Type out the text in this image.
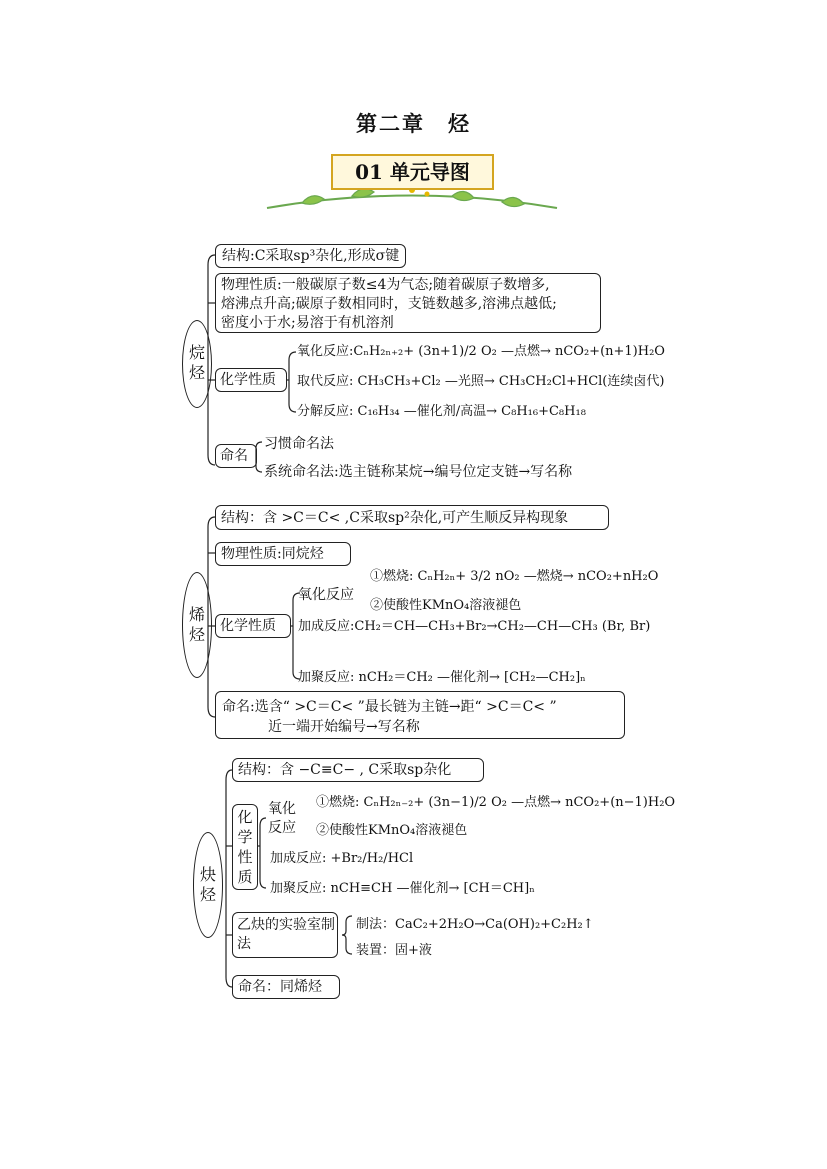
第二章　烃
01 单元导图
烷烃
结构:C采取sp³杂化,形成σ键
物理性质:一般碳原子数≤4为气态;随着碳原子数增多,
熔沸点升高;碳原子数相同时，支链数越多,溶沸点越低;
密度小于水;易溶于有机溶剂
化学性质
氧化反应:CₙH₂ₙ₊₂+ (3n+1)/2 O₂ —点燃→ nCO₂+(n+1)H₂O
取代反应: CH₃CH₃+Cl₂ —光照→ CH₃CH₂Cl+HCl(连续卤代)
分解反应: C₁₆H₃₄ —催化剂/高温→ C₈H₁₆+C₈H₁₈
命名
习惯命名法
系统命名法:选主链称某烷→编号位定支链→写名称
烯烃
结构：含 >C＝C< ,C采取sp²杂化,可产生顺反异构现象
物理性质:同烷烃
化学性质
氧化反应
①燃烧: CₙH₂ₙ+ 3/2 nO₂ —燃烧→ nCO₂+nH₂O
②使酸性KMnO₄溶液褪色
加成反应:CH₂＝CH—CH₃+Br₂→CH₂—CH—CH₃ (Br, Br)
加聚反应: nCH₂＝CH₂ —催化剂→ [CH₂—CH₂]ₙ
命名:选含“ >C＝C< ”最长链为主链→距“ >C＝C< ”
近一端开始编号→写名称
炔烃
结构：含 −C≡C− , C采取sp杂化
化学性质
氧化反应
①燃烧: CₙH₂ₙ₋₂+ (3n−1)/2 O₂ —点燃→ nCO₂+(n−1)H₂O
②使酸性KMnO₄溶液褪色
加成反应: +Br₂/H₂/HCl
加聚反应: nCH≡CH —催化剂→ [CH＝CH]ₙ
乙炔的实验室制法
制法：CaC₂+2H₂O→Ca(OH)₂+C₂H₂↑
装置：固+液
命名：同烯烃
